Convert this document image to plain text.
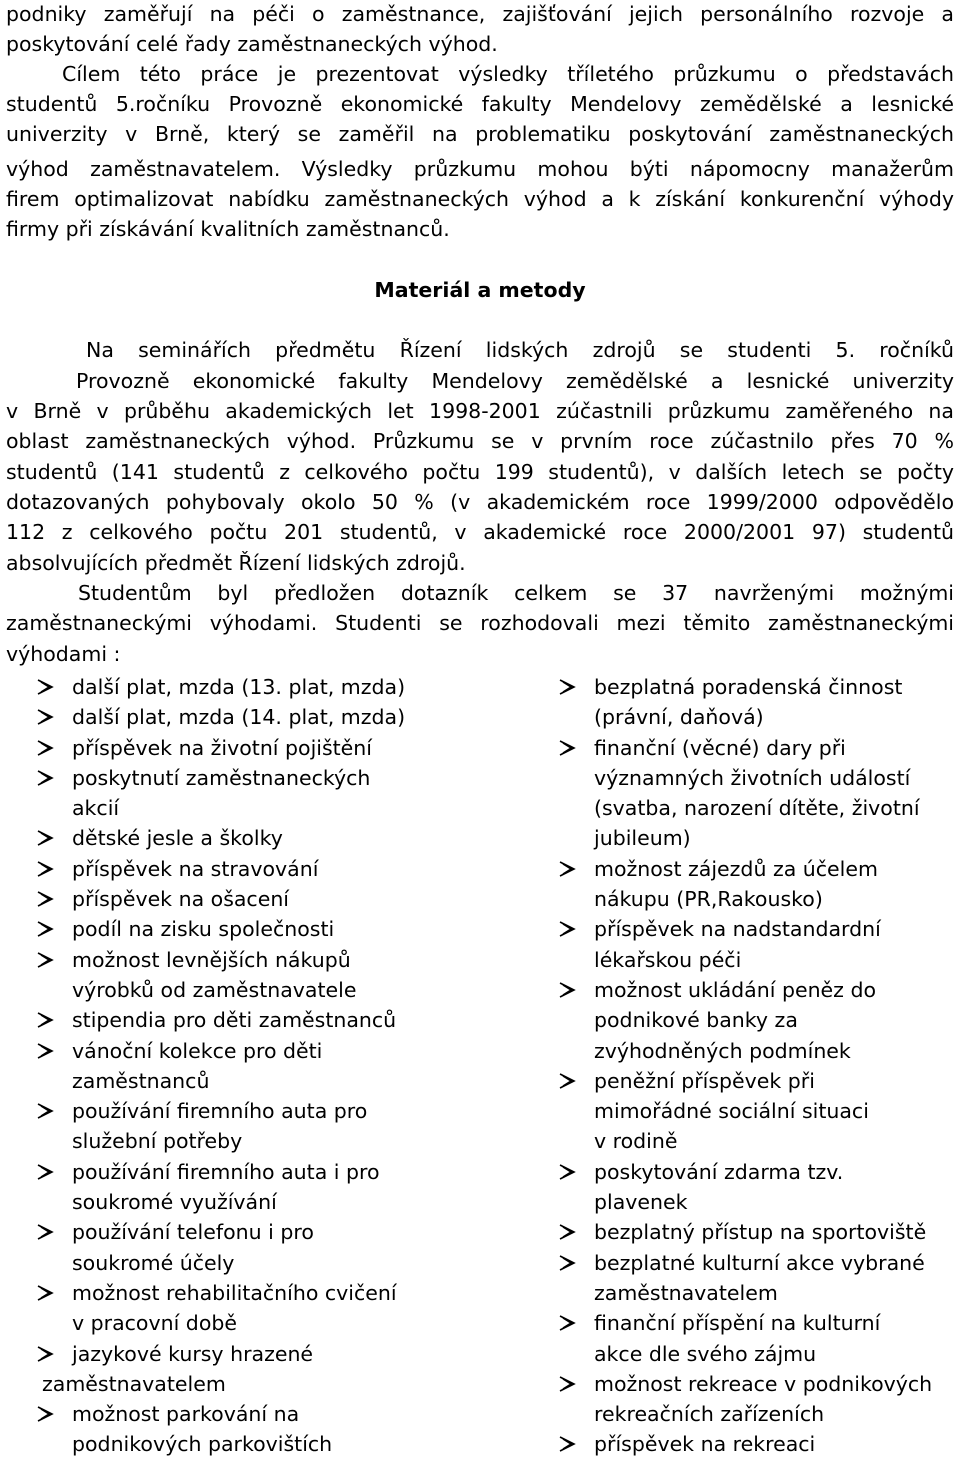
podniky zaměřují na péči o zaměstnance, zajišťování jejich personálního rozvoje a
poskytování celé řady zaměstnaneckých výhod.
Cílem této práce je prezentovat výsledky tříletého průzkumu o představách
studentů 5.ročníku Provozně ekonomické fakulty Mendelovy zemědělské a lesnické
univerzity v Brně, který se zaměřil na problematiku poskytování zaměstnaneckých
výhod zaměstnavatelem. Výsledky průzkumu mohou býti nápomocny manažerům
firem optimalizovat nabídku zaměstnaneckých výhod a k získání konkurenční výhody
firmy při získávání kvalitních zaměstnanců.
Materiál a metody
Na seminářích předmětu Řízení lidských zdrojů se studenti 5. ročníků
Provozně ekonomické fakulty Mendelovy zemědělské a lesnické univerzity
v Brně v průběhu akademických let 1998-2001 zúčastnili průzkumu zaměřeného na
oblast zaměstnaneckých výhod. Průzkumu se v prvním roce zúčastnilo přes 70 %
studentů (141 studentů z celkového počtu 199 studentů), v dalších letech se počty
dotazovaných pohybovaly okolo 50 % (v akademickém roce 1999/2000 odpovědělo
112 z celkového počtu 201 studentů, v akademické roce 2000/2001 97) studentů
absolvujících předmět Řízení lidských zdrojů.
Studentům byl předložen dotazník celkem se 37 navrženými možnými
zaměstnaneckými výhodami. Studenti se rozhodovali mezi těmito zaměstnaneckými
výhodami :
další plat, mzda (13. plat, mzda)
další plat, mzda (14. plat, mzda)
příspěvek na životní pojištění
poskytnutí zaměstnaneckých
akcií
dětské jesle a školky
příspěvek na stravování
příspěvek na ošacení
podíl na zisku společnosti
možnost levnějších nákupů
výrobků od zaměstnavatele
stipendia pro děti zaměstnanců
vánoční kolekce pro děti
zaměstnanců
používání firemního auta pro
služební potřeby
používání firemního auta i pro
soukromé využívání
používání telefonu i pro
soukromé účely
možnost rehabilitačního cvičení
v pracovní době
jazykové kursy hrazené
zaměstnavatelem
možnost parkování na
podnikových parkovištích
bezplatná poradenská činnost
(právní, daňová)
finanční (věcné) dary při
významných životních událostí
(svatba, narození dítěte, životní
jubileum)
možnost zájezdů za účelem
nákupu (PR,Rakousko)
příspěvek na nadstandardní
lékařskou péči
možnost ukládání peněz do
podnikové banky za
zvýhodněných podmínek
peněžní příspěvek při
mimořádné sociální situaci
v rodině
poskytování zdarma tzv.
plavenek
bezplatný přístup na sportoviště
bezplatné kulturní akce vybrané
zaměstnavatelem
finanční příspění na kulturní
akce dle svého zájmu
možnost rekreace v podnikových
rekreačních zařízeních
příspěvek na rekreaci
